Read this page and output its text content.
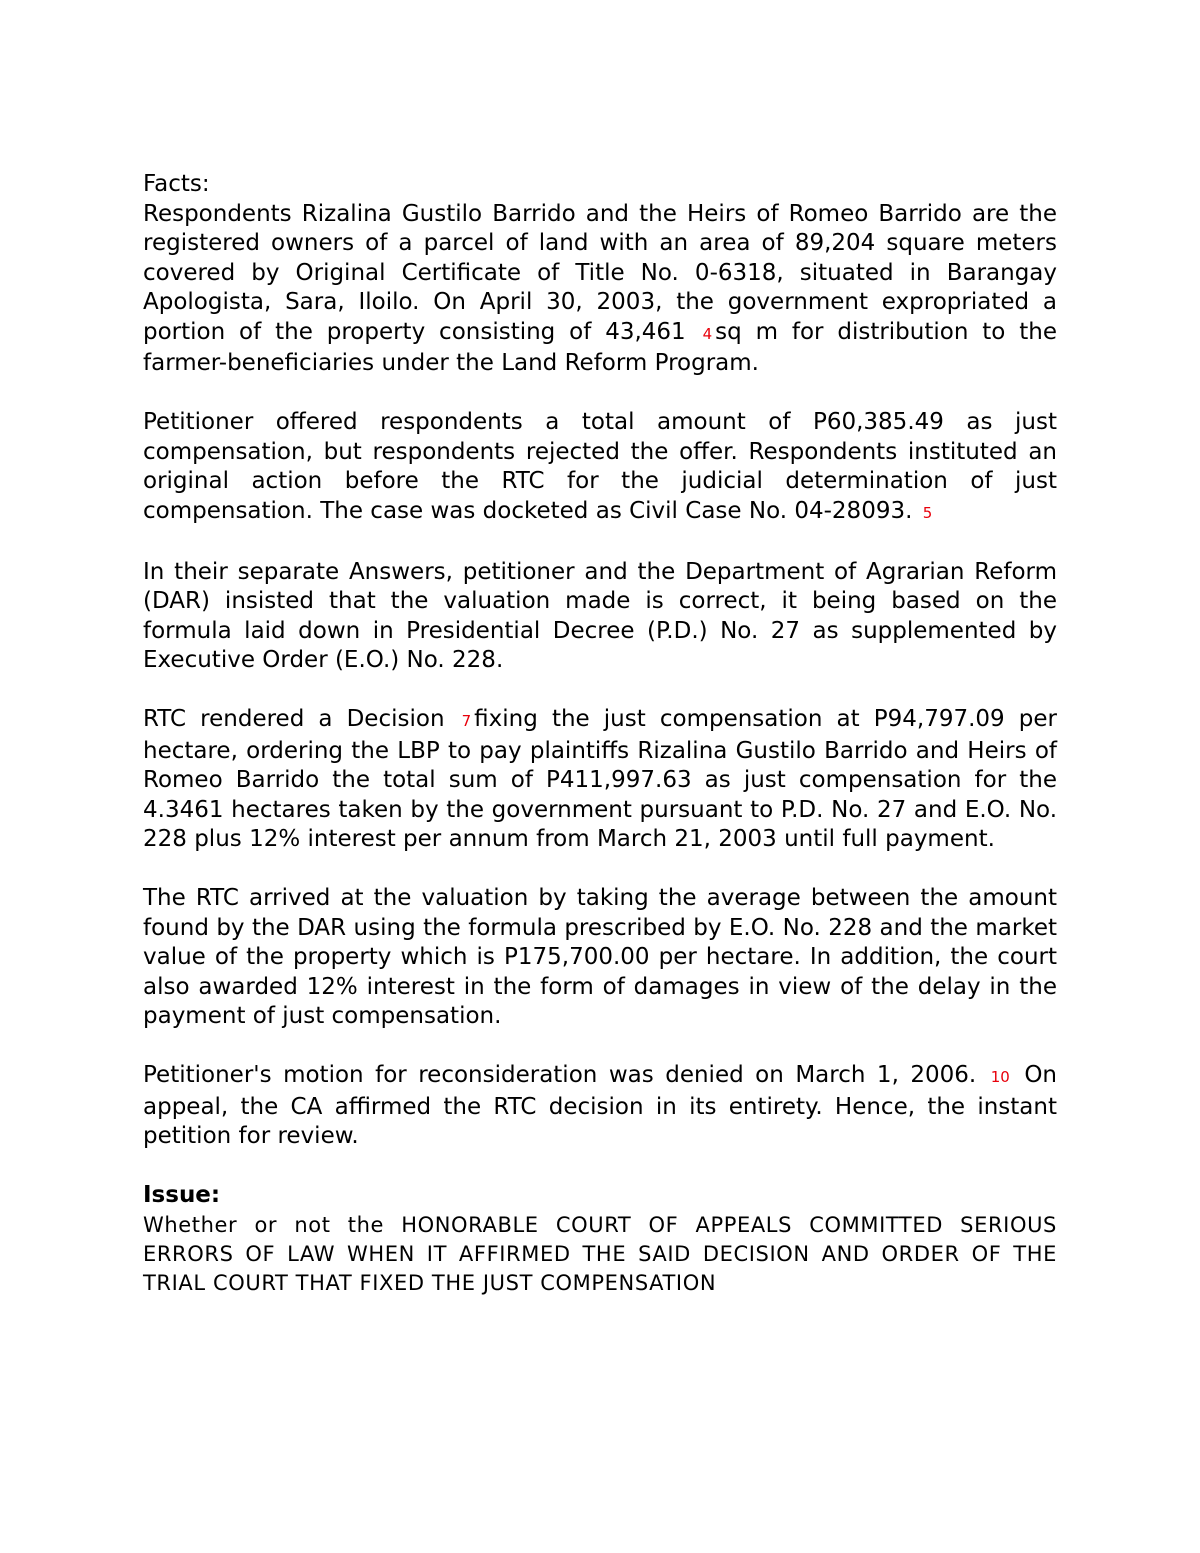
Facts:

Respondents Rizalina Gustilo Barrido and the Heirs of Romeo Barrido are the registered owners of a parcel of land with an area of 89,204 square meters covered by Original Certificate of Title No. 0-6318, situated in Barangay Apologista, Sara, Iloilo. On April 30, 2003, the government expropriated a portion of the property consisting of 43,461 4 sq m for distribution to the farmer-beneficiaries under the Land Reform Program.

Petitioner offered respondents a total amount of P60,385.49 as just compensation, but respondents rejected the offer. Respondents instituted an original action before the RTC for the judicial determination of just compensation. The case was docketed as Civil Case No. 04-28093. 5

In their separate Answers, petitioner and the Department of Agrarian Reform (DAR) insisted that the valuation made is correct, it being based on the formula laid down in Presidential Decree (P.D.) No. 27 as supplemented by Executive Order (E.O.) No. 228.

RTC rendered a Decision 7 fixing the just compensation at P94,797.09 per hectare, ordering the LBP to pay plaintiffs Rizalina Gustilo Barrido and Heirs of Romeo Barrido the total sum of P411,997.63 as just compensation for the 4.3461 hectares taken by the government pursuant to P.D. No. 27 and E.O. No. 228 plus 12% interest per annum from March 21, 2003 until full payment.

The RTC arrived at the valuation by taking the average between the amount found by the DAR using the formula prescribed by E.O. No. 228 and the market value of the property which is P175,700.00 per hectare. In addition, the court also awarded 12% interest in the form of damages in view of the delay in the payment of just compensation.

Petitioner's motion for reconsideration was denied on March 1, 2006. 10 On appeal, the CA affirmed the RTC decision in its entirety. Hence, the instant petition for review.

Issue:

Whether or not the HONORABLE COURT OF APPEALS COMMITTED SERIOUS ERRORS OF LAW WHEN IT AFFIRMED THE SAID DECISION AND ORDER OF THE TRIAL COURT THAT FIXED THE JUST COMPENSATION
